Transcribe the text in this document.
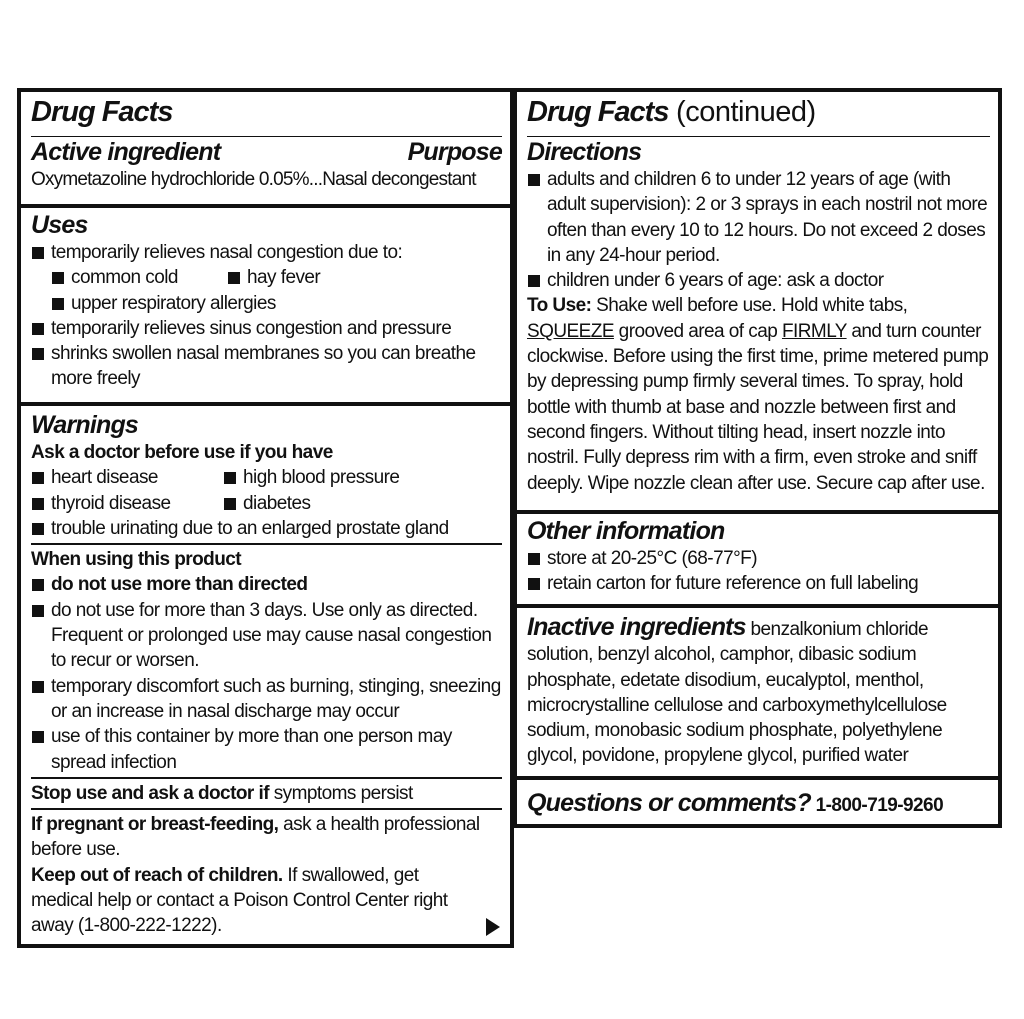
Drug Facts
Active ingredient	Purpose
Oxymetazoline hydrochloride 0.05%...Nasal decongestant
Uses
temporarily relieves nasal congestion due to:
common cold	hay fever
upper respiratory allergies
temporarily relieves sinus congestion and pressure
shrinks swollen nasal membranes so you can breathe more freely
Warnings
Ask a doctor before use if you have
heart disease	high blood pressure
thyroid disease	diabetes
trouble urinating due to an enlarged prostate gland
When using this product
do not use more than directed
do not use for more than 3 days. Use only as directed. Frequent or prolonged use may cause nasal congestion to recur or worsen.
temporary discomfort such as burning, stinging, sneezing or an increase in nasal discharge may occur
use of this container by more than one person may spread infection
Stop use and ask a doctor if symptoms persist
If pregnant or breast-feeding, ask a health professional before use.
Keep out of reach of children. If swallowed, get medical help or contact a Poison Control Center right away (1-800-222-1222).
Drug Facts (continued)
Directions
adults and children 6 to under 12 years of age (with adult supervision): 2 or 3 sprays in each nostril not more often than every 10 to 12 hours. Do not exceed 2 doses in any 24-hour period.
children under 6 years of age: ask a doctor
To Use: Shake well before use. Hold white tabs, SQUEEZE grooved area of cap FIRMLY and turn counter clockwise. Before using the first time, prime metered pump by depressing pump firmly several times. To spray, hold bottle with thumb at base and nozzle between first and second fingers. Without tilting head, insert nozzle into nostril. Fully depress rim with a firm, even stroke and sniff deeply. Wipe nozzle clean after use. Secure cap after use.
Other information
store at 20-25°C (68-77°F)
retain carton for future reference on full labeling
Inactive ingredients benzalkonium chloride solution, benzyl alcohol, camphor, dibasic sodium phosphate, edetate disodium, eucalyptol, menthol, microcrystalline cellulose and carboxymethylcellulose sodium, monobasic sodium phosphate, polyethylene glycol, povidone, propylene glycol, purified water
Questions or comments? 1-800-719-9260
